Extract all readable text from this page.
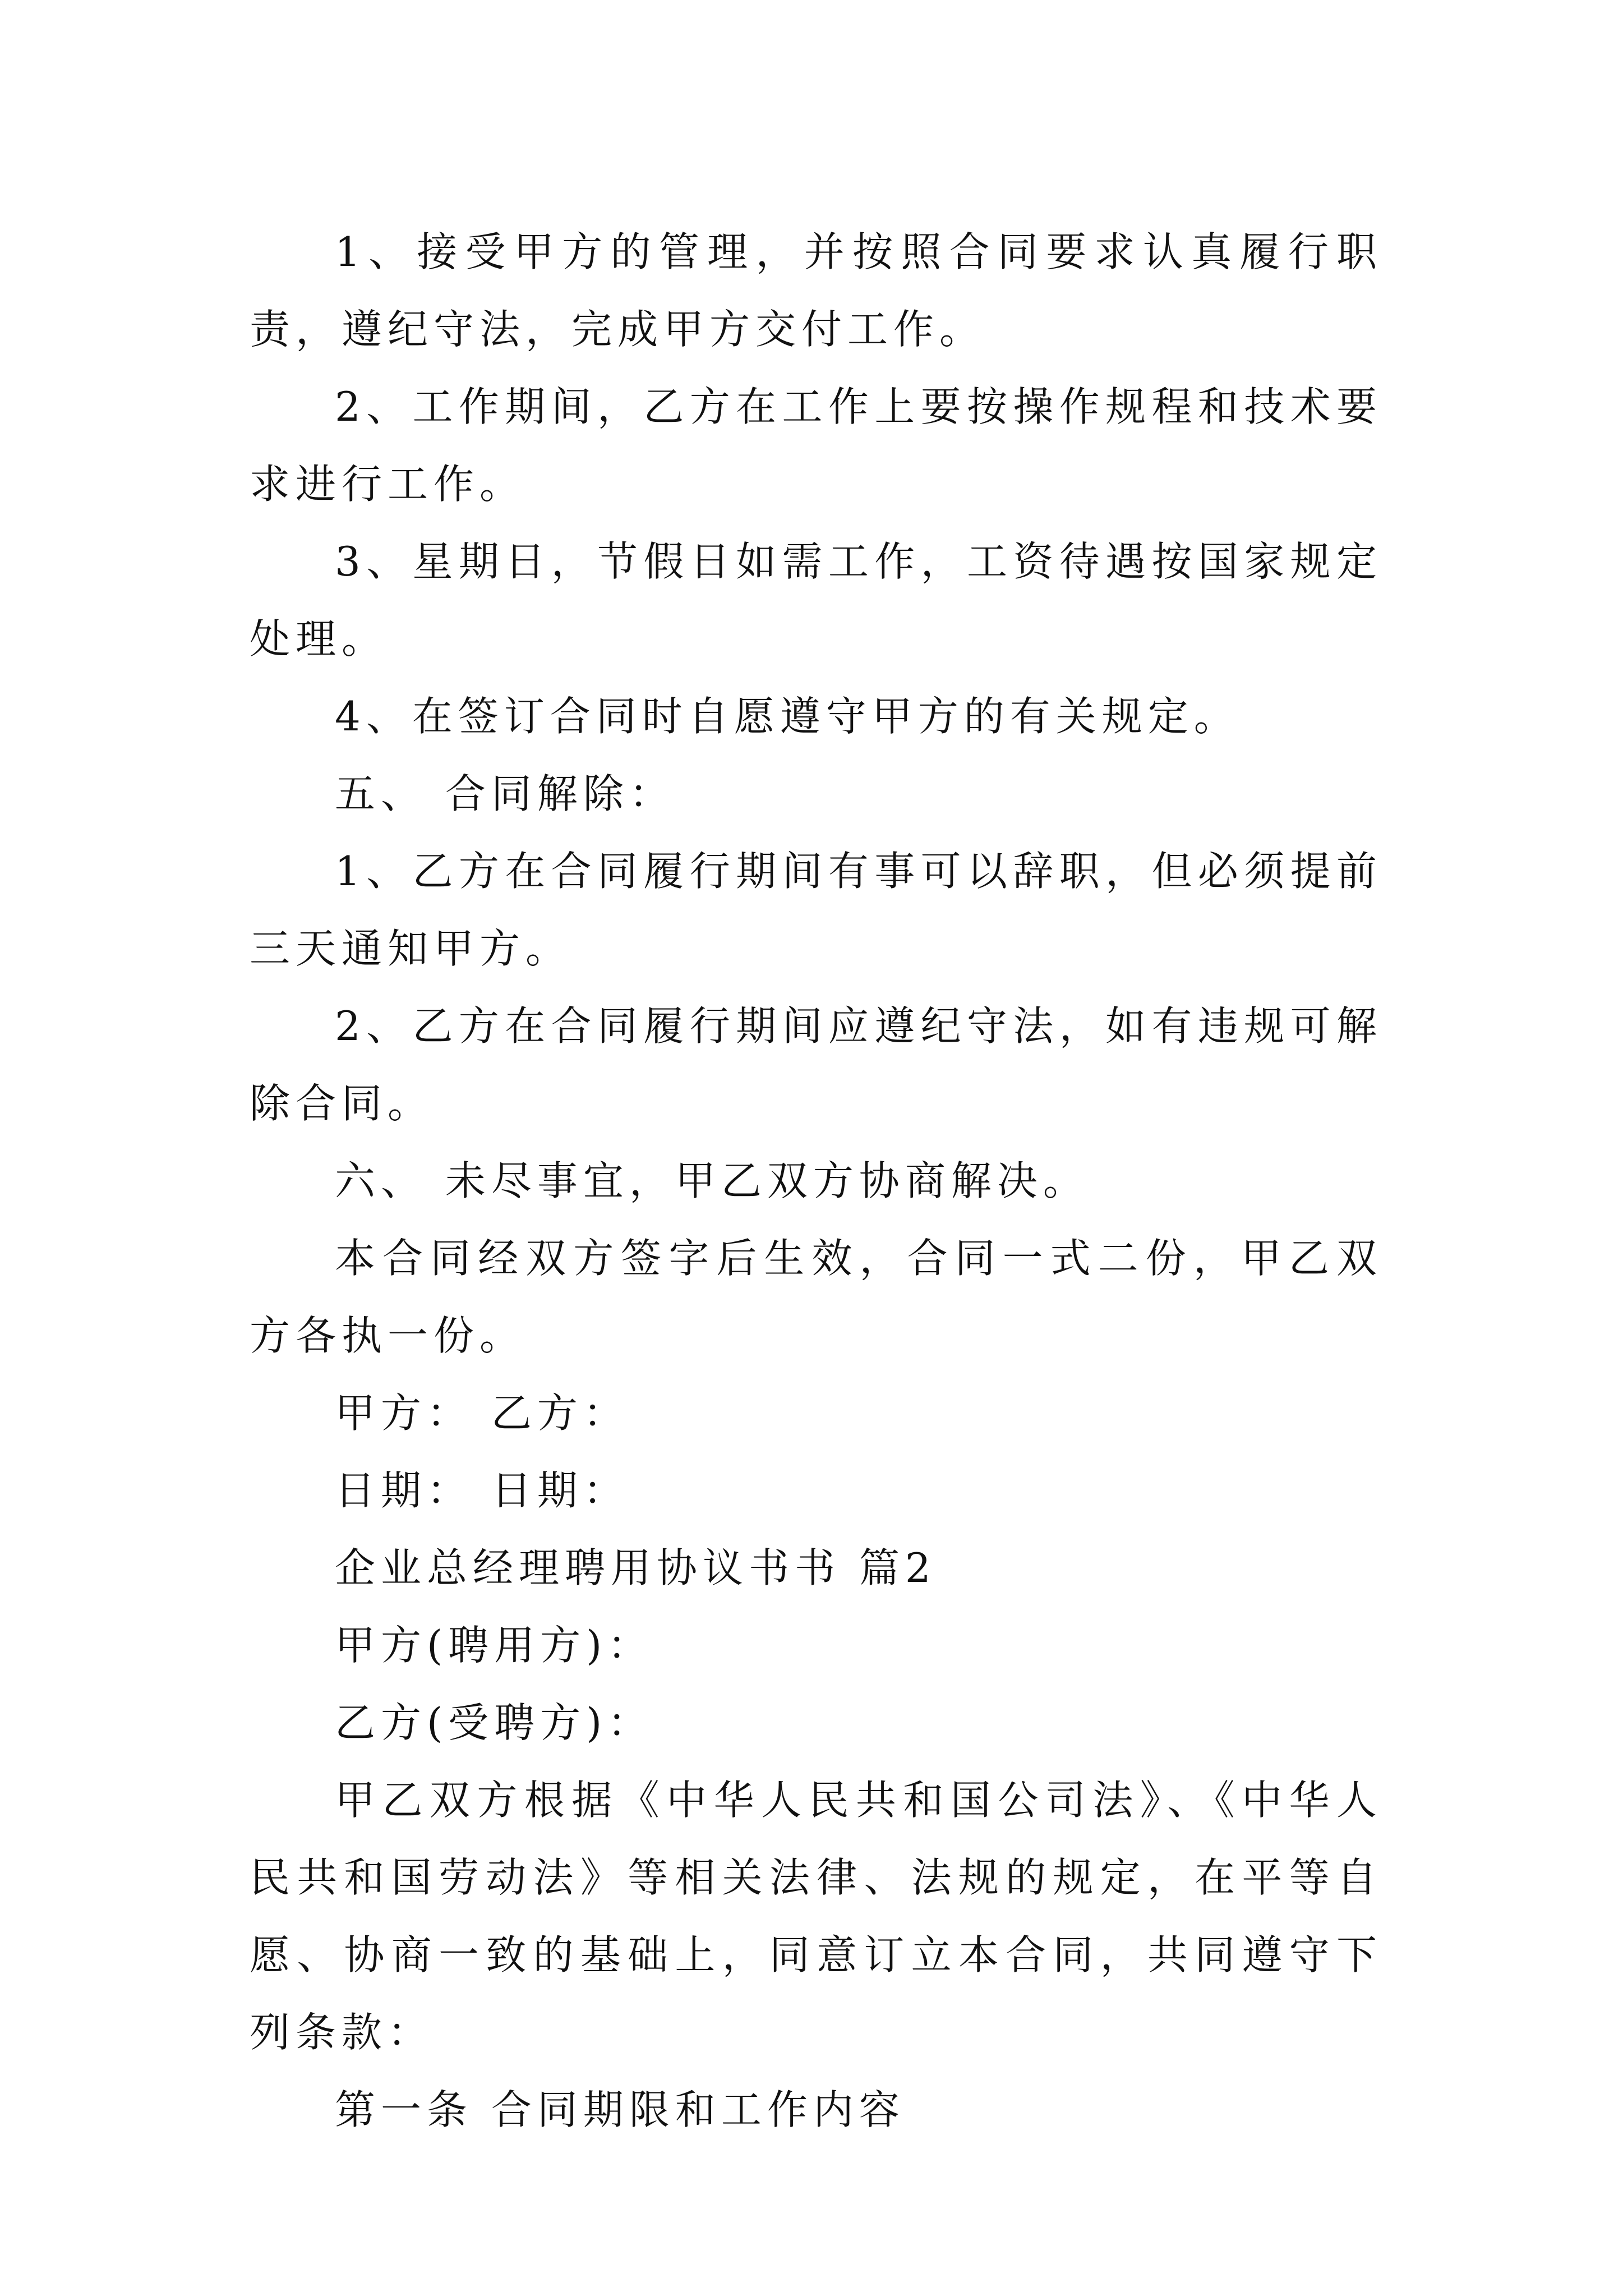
1、接受甲方的管理，并按照合同要求认真履行职责，遵纪守法，完成甲方交付工作。

2、工作期间，乙方在工作上要按操作规程和技术要求进行工作。

3、星期日，节假日如需工作，工资待遇按国家规定处理。

4、在签订合同时自愿遵守甲方的有关规定。

五、 合同解除：

1、乙方在合同履行期间有事可以辞职，但必须提前三天通知甲方。

2、乙方在合同履行期间应遵纪守法，如有违规可解除合同。

六、 未尽事宜，甲乙双方协商解决。

本合同经双方签字后生效，合同一式二份，甲乙双方各执一份。

甲方： 乙方：

日期： 日期：

企业总经理聘用协议书书 篇2

甲方(聘用方)：

乙方(受聘方)：

甲乙双方根据《中华人民共和国公司法》、《中华人民共和国劳动法》等相关法律、法规的规定，在平等自愿、协商一致的基础上，同意订立本合同，共同遵守下列条款：

第一条 合同期限和工作内容
